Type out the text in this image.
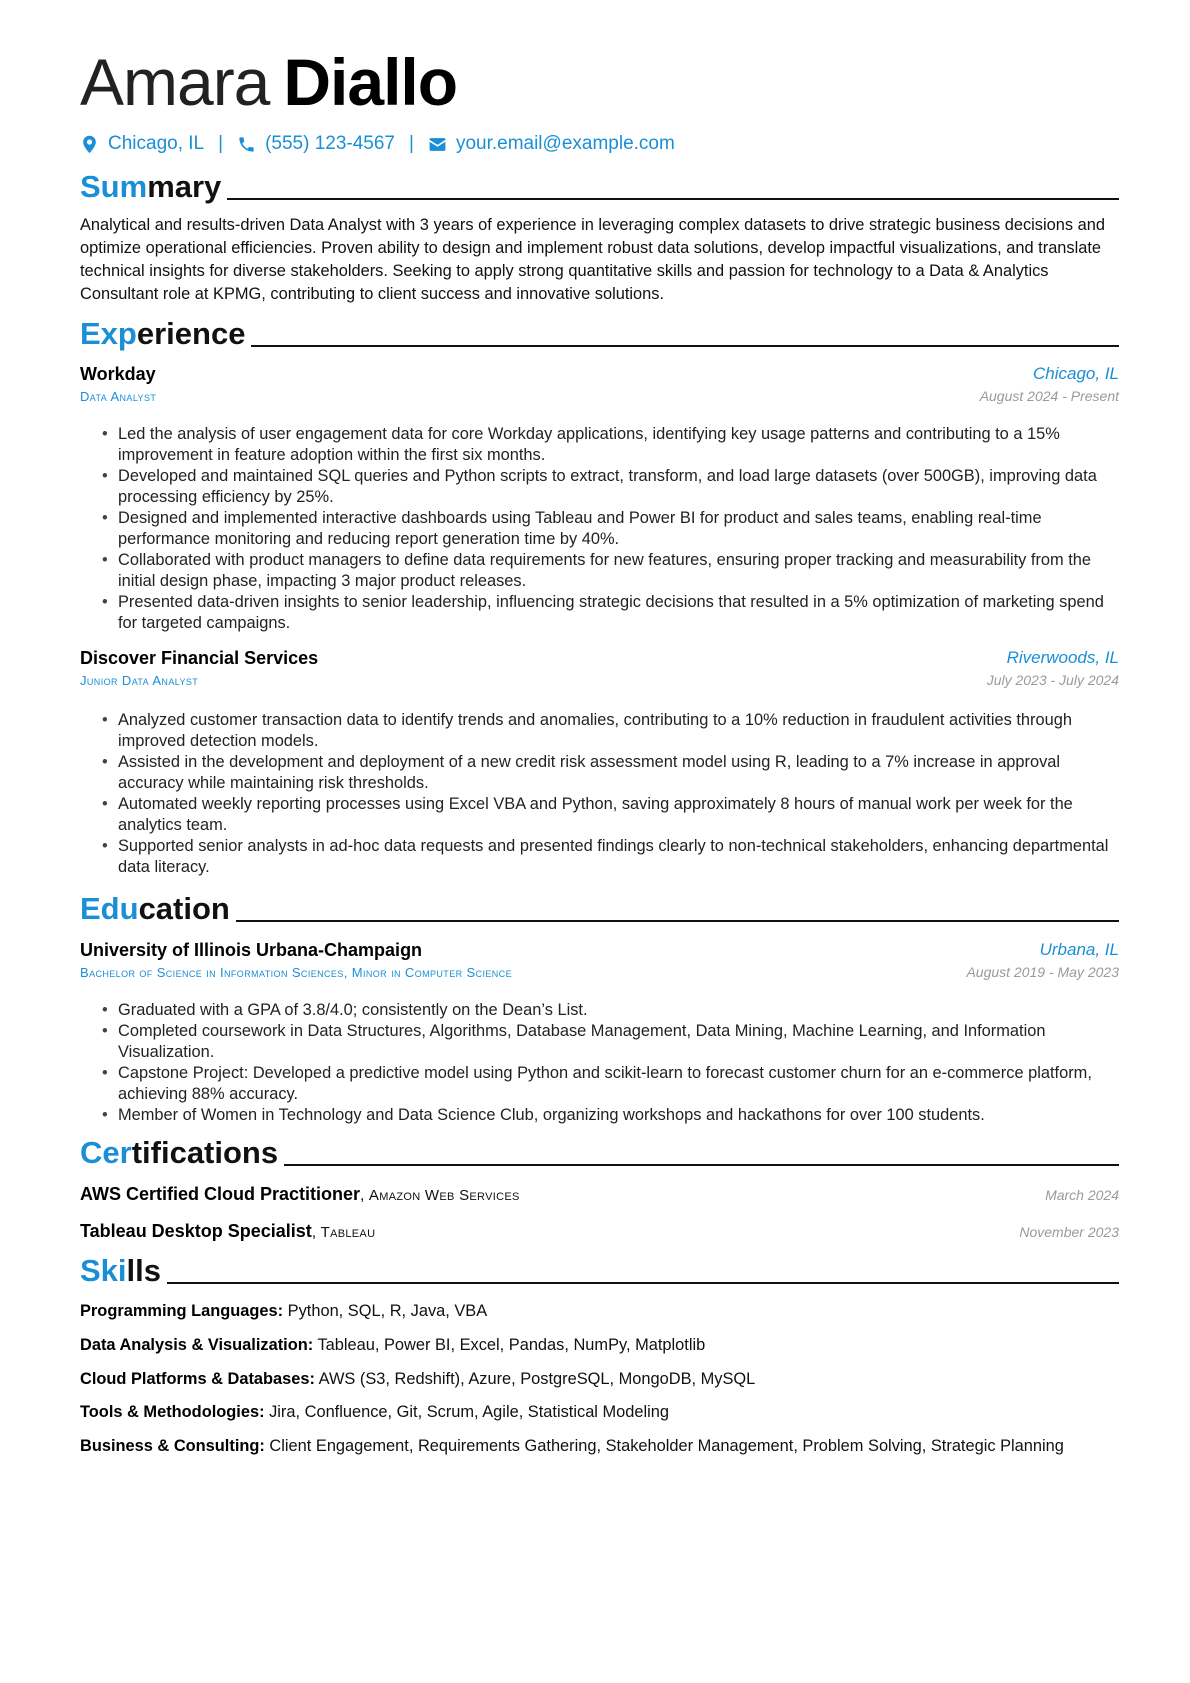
Amara Diallo
Chicago, IL | (555) 123-4567 | your.email@example.com
Summary
Analytical and results-driven Data Analyst with 3 years of experience in leveraging complex datasets to drive strategic business decisions and optimize operational efficiencies. Proven ability to design and implement robust data solutions, develop impactful visualizations, and translate technical insights for diverse stakeholders. Seeking to apply strong quantitative skills and passion for technology to a Data & Analytics Consultant role at KPMG, contributing to client success and innovative solutions.
Experience
Workday	Chicago, IL
Data Analyst	August 2024 - Present
• Led the analysis of user engagement data for core Workday applications, identifying key usage patterns and contributing to a 15% improvement in feature adoption within the first six months.
• Developed and maintained SQL queries and Python scripts to extract, transform, and load large datasets (over 500GB), improving data processing efficiency by 25%.
• Designed and implemented interactive dashboards using Tableau and Power BI for product and sales teams, enabling real-time performance monitoring and reducing report generation time by 40%.
• Collaborated with product managers to define data requirements for new features, ensuring proper tracking and measurability from the initial design phase, impacting 3 major product releases.
• Presented data-driven insights to senior leadership, influencing strategic decisions that resulted in a 5% optimization of marketing spend for targeted campaigns.
Discover Financial Services	Riverwoods, IL
Junior Data Analyst	July 2023 - July 2024
• Analyzed customer transaction data to identify trends and anomalies, contributing to a 10% reduction in fraudulent activities through improved detection models.
• Assisted in the development and deployment of a new credit risk assessment model using R, leading to a 7% increase in approval accuracy while maintaining risk thresholds.
• Automated weekly reporting processes using Excel VBA and Python, saving approximately 8 hours of manual work per week for the analytics team.
• Supported senior analysts in ad-hoc data requests and presented findings clearly to non-technical stakeholders, enhancing departmental data literacy.
Education
University of Illinois Urbana-Champaign	Urbana, IL
Bachelor of Science in Information Sciences, Minor in Computer Science	August 2019 - May 2023
• Graduated with a GPA of 3.8/4.0; consistently on the Dean’s List.
• Completed coursework in Data Structures, Algorithms, Database Management, Data Mining, Machine Learning, and Information Visualization.
• Capstone Project: Developed a predictive model using Python and scikit-learn to forecast customer churn for an e-commerce platform, achieving 88% accuracy.
• Member of Women in Technology and Data Science Club, organizing workshops and hackathons for over 100 students.
Certifications
AWS Certified Cloud Practitioner, Amazon Web Services	March 2024
Tableau Desktop Specialist, Tableau	November 2023
Skills
Programming Languages: Python, SQL, R, Java, VBA
Data Analysis & Visualization: Tableau, Power BI, Excel, Pandas, NumPy, Matplotlib
Cloud Platforms & Databases: AWS (S3, Redshift), Azure, PostgreSQL, MongoDB, MySQL
Tools & Methodologies: Jira, Confluence, Git, Scrum, Agile, Statistical Modeling
Business & Consulting: Client Engagement, Requirements Gathering, Stakeholder Management, Problem Solving, Strategic Planning
